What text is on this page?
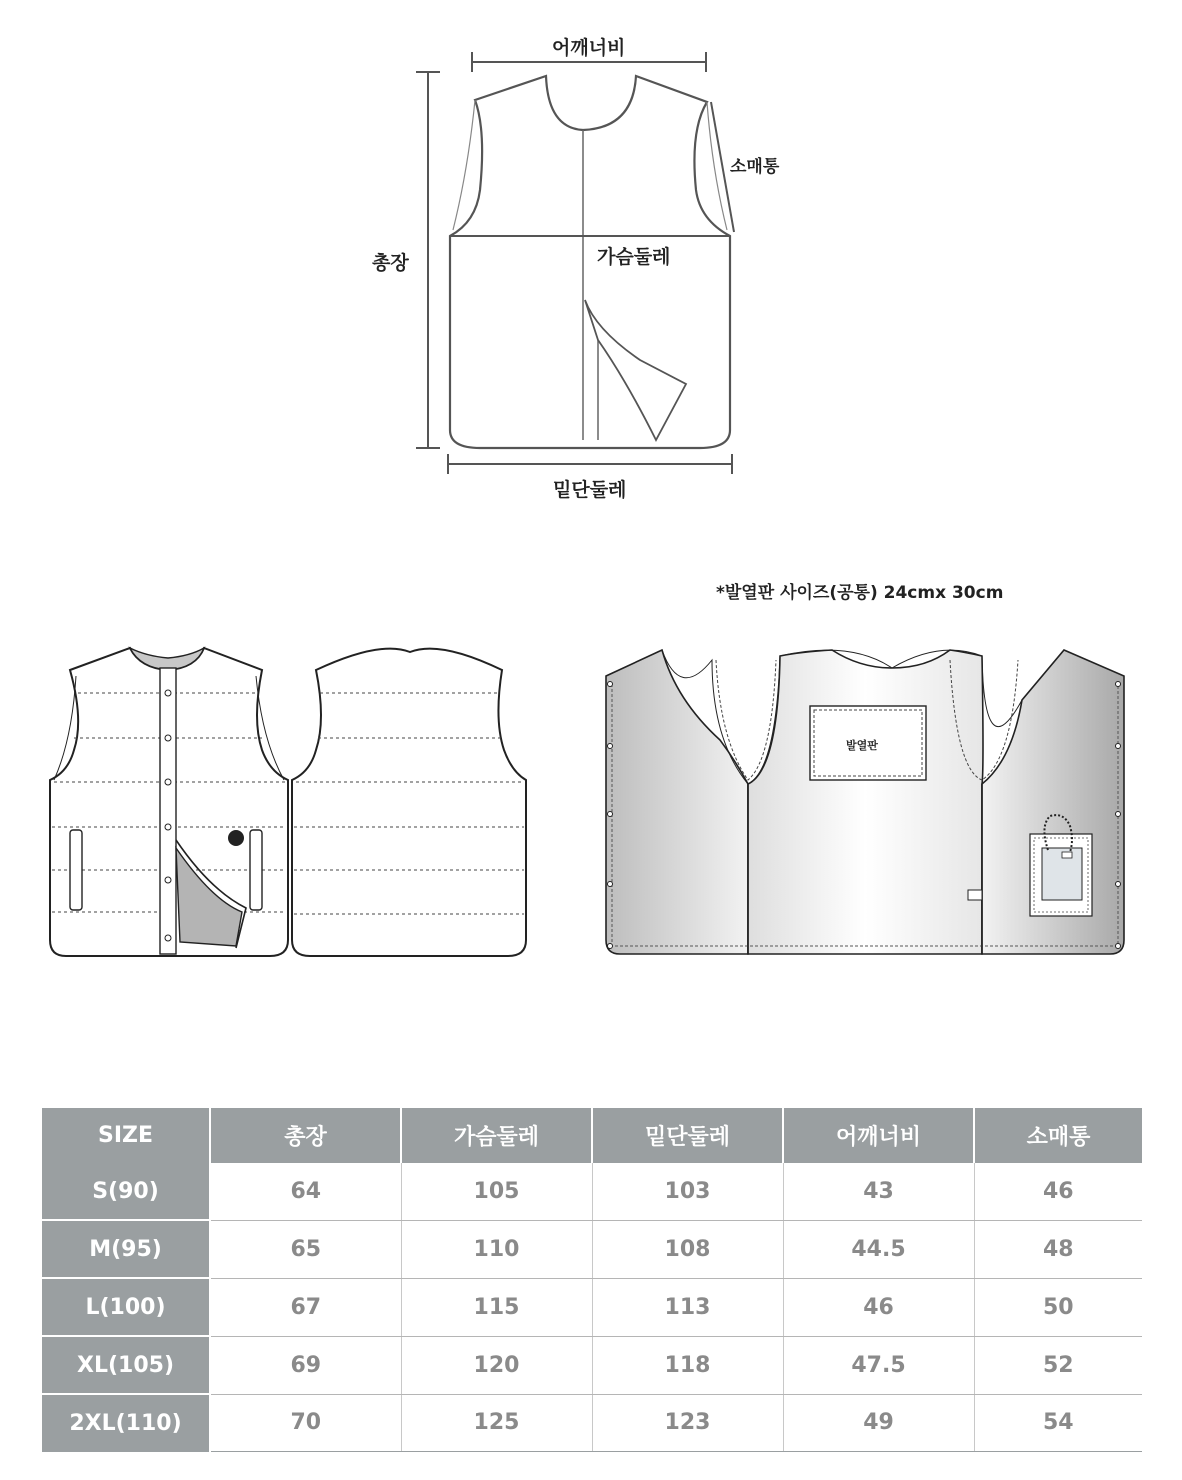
어깨너비
소매통
총장	가슴둘레
밑단둘레
*발열판 사이즈(공통) 24cmx 30cm
발열판
SIZE	총장	가슴둘레	밑단둘레	어깨너비	소매통
S(90)	64	105	103	43	46
M(95)	65	110	108	44.5	48
L(100)	67	115	113	46	50
XL(105)	69	120	118	47.5	52
2XL(110)	70	125	123	49	54
